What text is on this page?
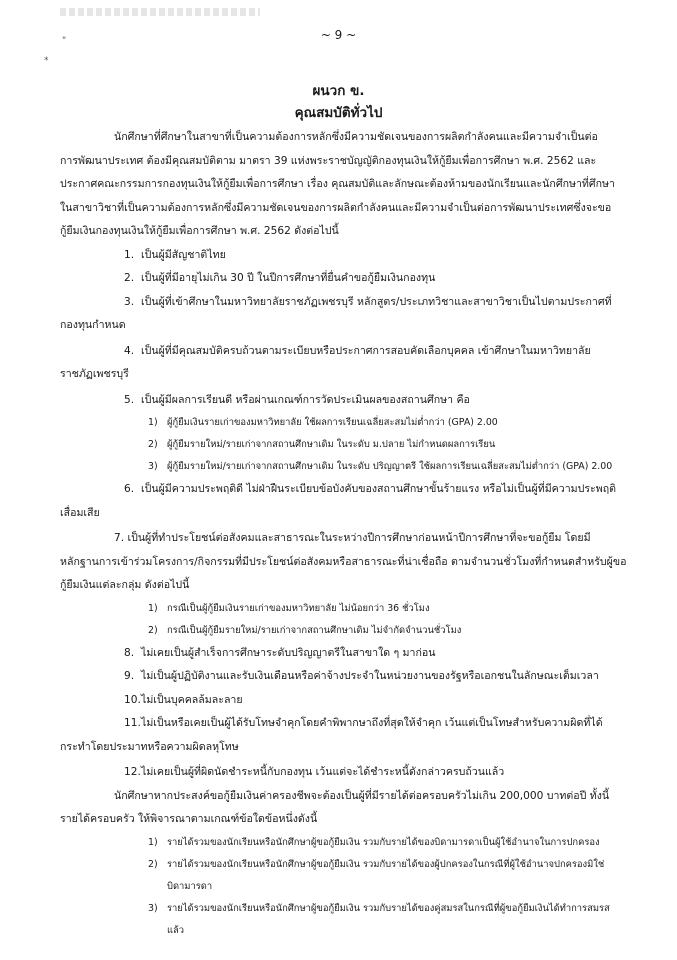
~ 9 ~
"
*
ผนวก ข.
คุณสมบัติทั่วไป
นักศึกษาที่ศึกษาในสาขาที่เป็นความต้องการหลักซึ่งมีความชัดเจนของการผลิตกำลังคนและมีความจำเป็นต่อ
การพัฒนาประเทศ ต้องมีคุณสมบัติตาม มาตรา 39 แห่งพระราชบัญญัติกองทุนเงินให้กู้ยืมเพื่อการศึกษา พ.ศ. 2562 และ
ประกาศคณะกรรมการกองทุนเงินให้กู้ยืมเพื่อการศึกษา เรื่อง คุณสมบัติและลักษณะต้องห้ามของนักเรียนและนักศึกษาที่ศึกษา
ในสาขาวิชาที่เป็นความต้องการหลักซึ่งมีความชัดเจนของการผลิตกำลังคนและมีความจำเป็นต่อการพัฒนาประเทศซึ่งจะขอ
กู้ยืมเงินกองทุนเงินให้กู้ยืมเพื่อการศึกษา พ.ศ. 2562 ดังต่อไปนี้
1. เป็นผู้มีสัญชาติไทย
2. เป็นผู้ที่มีอายุไม่เกิน 30 ปี ในปีการศึกษาที่ยื่นคำขอกู้ยืมเงินกองทุน
3. เป็นผู้ที่เข้าศึกษาในมหาวิทยาลัยราชภัฏเพชรบุรี หลักสูตร/ประเภทวิชาและสาขาวิชาเป็นไปตามประกาศที่
กองทุนกำหนด
4. เป็นผู้ที่มีคุณสมบัติครบถ้วนตามระเบียบหรือประกาศการสอบคัดเลือกบุคคล เข้าศึกษาในมหาวิทยาลัย
ราชภัฏเพชรบุรี
5. เป็นผู้มีผลการเรียนดี หรือผ่านเกณฑ์การวัดประเมินผลของสถานศึกษา คือ
1) ผู้กู้ยืมเงินรายเก่าของมหาวิทยาลัย ใช้ผลการเรียนเฉลี่ยสะสมไม่ต่ำกว่า (GPA) 2.00
2) ผู้กู้ยืมรายใหม่/รายเก่าจากสถานศึกษาเดิม ในระดับ ม.ปลาย ไม่กำหนดผลการเรียน
3) ผู้กู้ยืมรายใหม่/รายเก่าจากสถานศึกษาเดิม ในระดับ ปริญญาตรี ใช้ผลการเรียนเฉลี่ยสะสมไม่ต่ำกว่า (GPA) 2.00
6. เป็นผู้มีความประพฤติดี ไม่ฝ่าฝืนระเบียบข้อบังคับของสถานศึกษาขั้นร้ายแรง หรือไม่เป็นผู้ที่มีความประพฤติ
เสื่อมเสีย
7. เป็นผู้ที่ทำประโยชน์ต่อสังคมและสาธารณะในระหว่างปีการศึกษาก่อนหน้าปีการศึกษาที่จะขอกู้ยืม โดยมี
หลักฐานการเข้าร่วมโครงการ/กิจกรรมที่มีประโยชน์ต่อสังคมหรือสาธารณะที่น่าเชื่อถือ ตามจำนวนชั่วโมงที่กำหนดสำหรับผู้ขอ
กู้ยืมเงินแต่ละกลุ่ม ดังต่อไปนี้
1) กรณีเป็นผู้กู้ยืมเงินรายเก่าของมหาวิทยาลัย ไม่น้อยกว่า 36 ชั่วโมง
2) กรณีเป็นผู้กู้ยืมรายใหม่/รายเก่าจากสถานศึกษาเดิม ไม่จำกัดจำนวนชั่วโมง
8. ไม่เคยเป็นผู้สำเร็จการศึกษาระดับปริญญาตรีในสาขาใด ๆ มาก่อน
9. ไม่เป็นผู้ปฏิบัติงานและรับเงินเดือนหรือค่าจ้างประจำในหน่วยงานของรัฐหรือเอกชนในลักษณะเต็มเวลา
10. ไม่เป็นบุคคลล้มละลาย
11. ไม่เป็นหรือเคยเป็นผู้ได้รับโทษจำคุกโดยคำพิพากษาถึงที่สุดให้จำคุก เว้นแต่เป็นโทษสำหรับความผิดที่ได้
กระทำโดยประมาทหรือความผิดลหุโทษ
12. ไม่เคยเป็นผู้ที่ผิดนัดชำระหนี้กับกองทุน เว้นแต่จะได้ชำระหนี้ดังกล่าวครบถ้วนแล้ว
นักศึกษาหากประสงค์ขอกู้ยืมเงินค่าครองชีพจะต้องเป็นผู้ที่มีรายได้ต่อครอบครัวไม่เกิน 200,000 บาทต่อปี ทั้งนี้
รายได้ครอบครัว ให้พิจารณาตามเกณฑ์ข้อใดข้อหนึ่งดังนี้
1) รายได้รวมของนักเรียนหรือนักศึกษาผู้ขอกู้ยืมเงิน รวมกับรายได้ของบิดามารดาเป็นผู้ใช้อำนาจในการปกครอง
2) รายได้รวมของนักเรียนหรือนักศึกษาผู้ขอกู้ยืมเงิน รวมกับรายได้ของผู้ปกครองในกรณีที่ผู้ใช้อำนาจปกครองมิใช่
บิดามารดา
3) รายได้รวมของนักเรียนหรือนักศึกษาผู้ขอกู้ยืมเงิน รวมกับรายได้ของคู่สมรสในกรณีที่ผู้ขอกู้ยืมเงินได้ทำการสมรส
แล้ว
